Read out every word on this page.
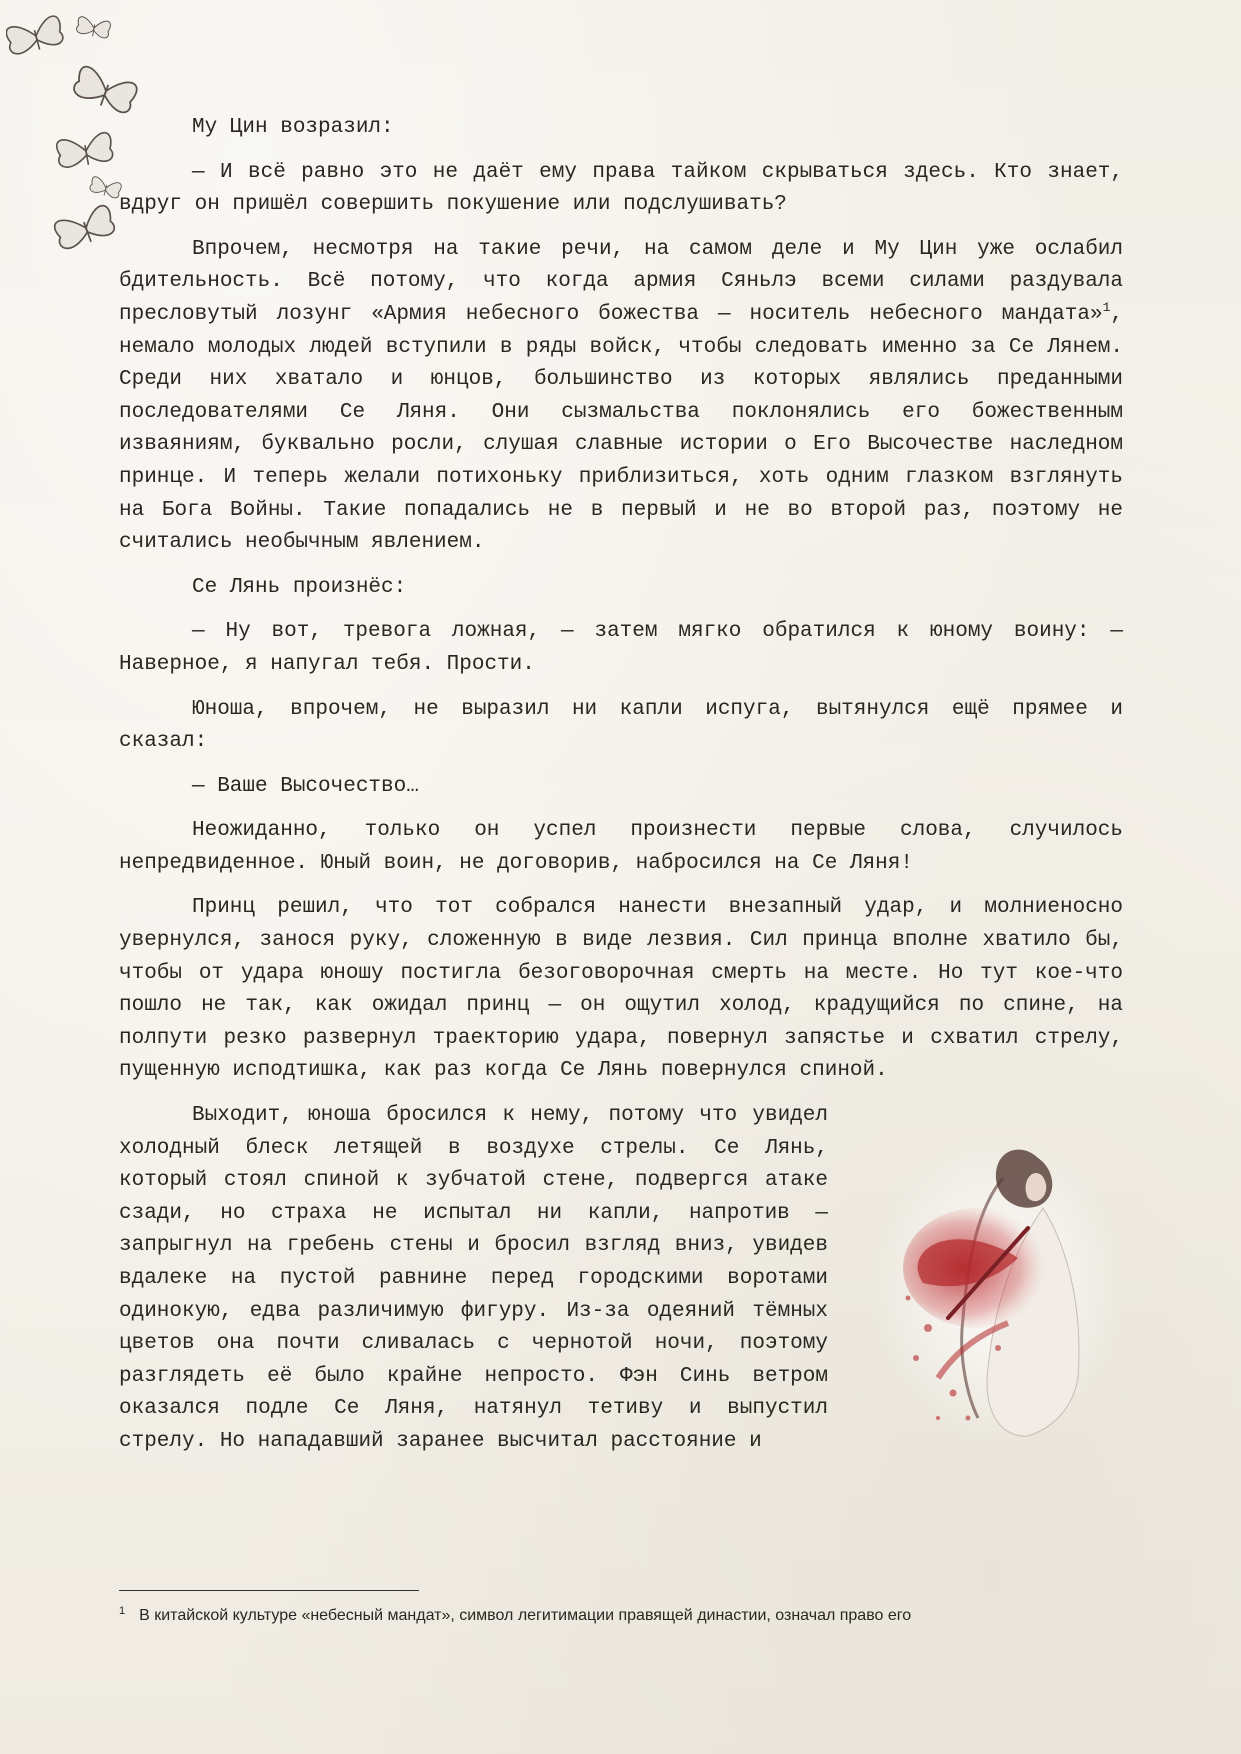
Му Цин возразил:

— И всё равно это не даёт ему права тайком скрываться здесь. Кто знает, вдруг он пришёл совершить покушение или подслушивать?

Впрочем, несмотря на такие речи, на самом деле и Му Цин уже ослабил бдительность. Всё потому, что когда армия Сяньлэ всеми силами раздувала пресловутый лозунг «Армия небесного божества — носитель небесного мандата»$^1$, немало молодых людей вступили в ряды войск, чтобы следовать именно за Се Лянем. Среди них хватало и юнцов, большинство из которых являлись преданными последователями Се Ляня. Они сызмальства поклонялись его божественным изваяниям, буквально росли, слушая славные истории о Его Высочестве наследном принце. И теперь желали потихоньку приблизиться, хоть одним глазком взглянуть на Бога Войны. Такие попадались не в первый и не во второй раз, поэтому не считались необычным явлением.

Се Лянь произнёс:

— Ну вот, тревога ложная, — затем мягко обратился к юному воину: — Наверное, я напугал тебя. Прости.

Юноша, впрочем, не выразил ни капли испуга, вытянулся ещё прямее и сказал:

— Ваше Высочество…

Неожиданно, только он успел произнести первые слова, случилось непредвиденное. Юный воин, не договорив, набросился на Се Ляня!

Принц решил, что тот собрался нанести внезапный удар, и молниеносно увернулся, занося руку, сложенную в виде лезвия. Сил принца вполне хватило бы, чтобы от удара юношу постигла безоговорочная смерть на месте. Но тут кое-что пошло не так, как ожидал принц — он ощутил холод, крадущийся по спине, на полпути резко развернул траекторию удара, повернул запястье и схватил стрелу, пущенную исподтишка, как раз когда Се Лянь повернулся спиной.

Выходит, юноша бросился к нему, потому что увидел холодный блеск летящей в воздухе стрелы. Се Лянь, который стоял спиной к зубчатой стене, подвергся атаке сзади, но страха не испытал ни капли, напротив — запрыгнул на гребень стены и бросил взгляд вниз, увидев вдалеке на пустой равнине перед городскими воротами одинокую, едва различимую фигуру. Из-за одеяний тёмных цветов она почти сливалась с чернотой ночи, поэтому разглядеть её было крайне непросто. Фэн Синь ветром оказался подле Се Ляня, натянул тетиву и выпустил стрелу. Но нападавший заранее высчитал расстояние и

$^1$ В китайской культуре «небесный мандат», символ легитимации правящей династии, означал право его
